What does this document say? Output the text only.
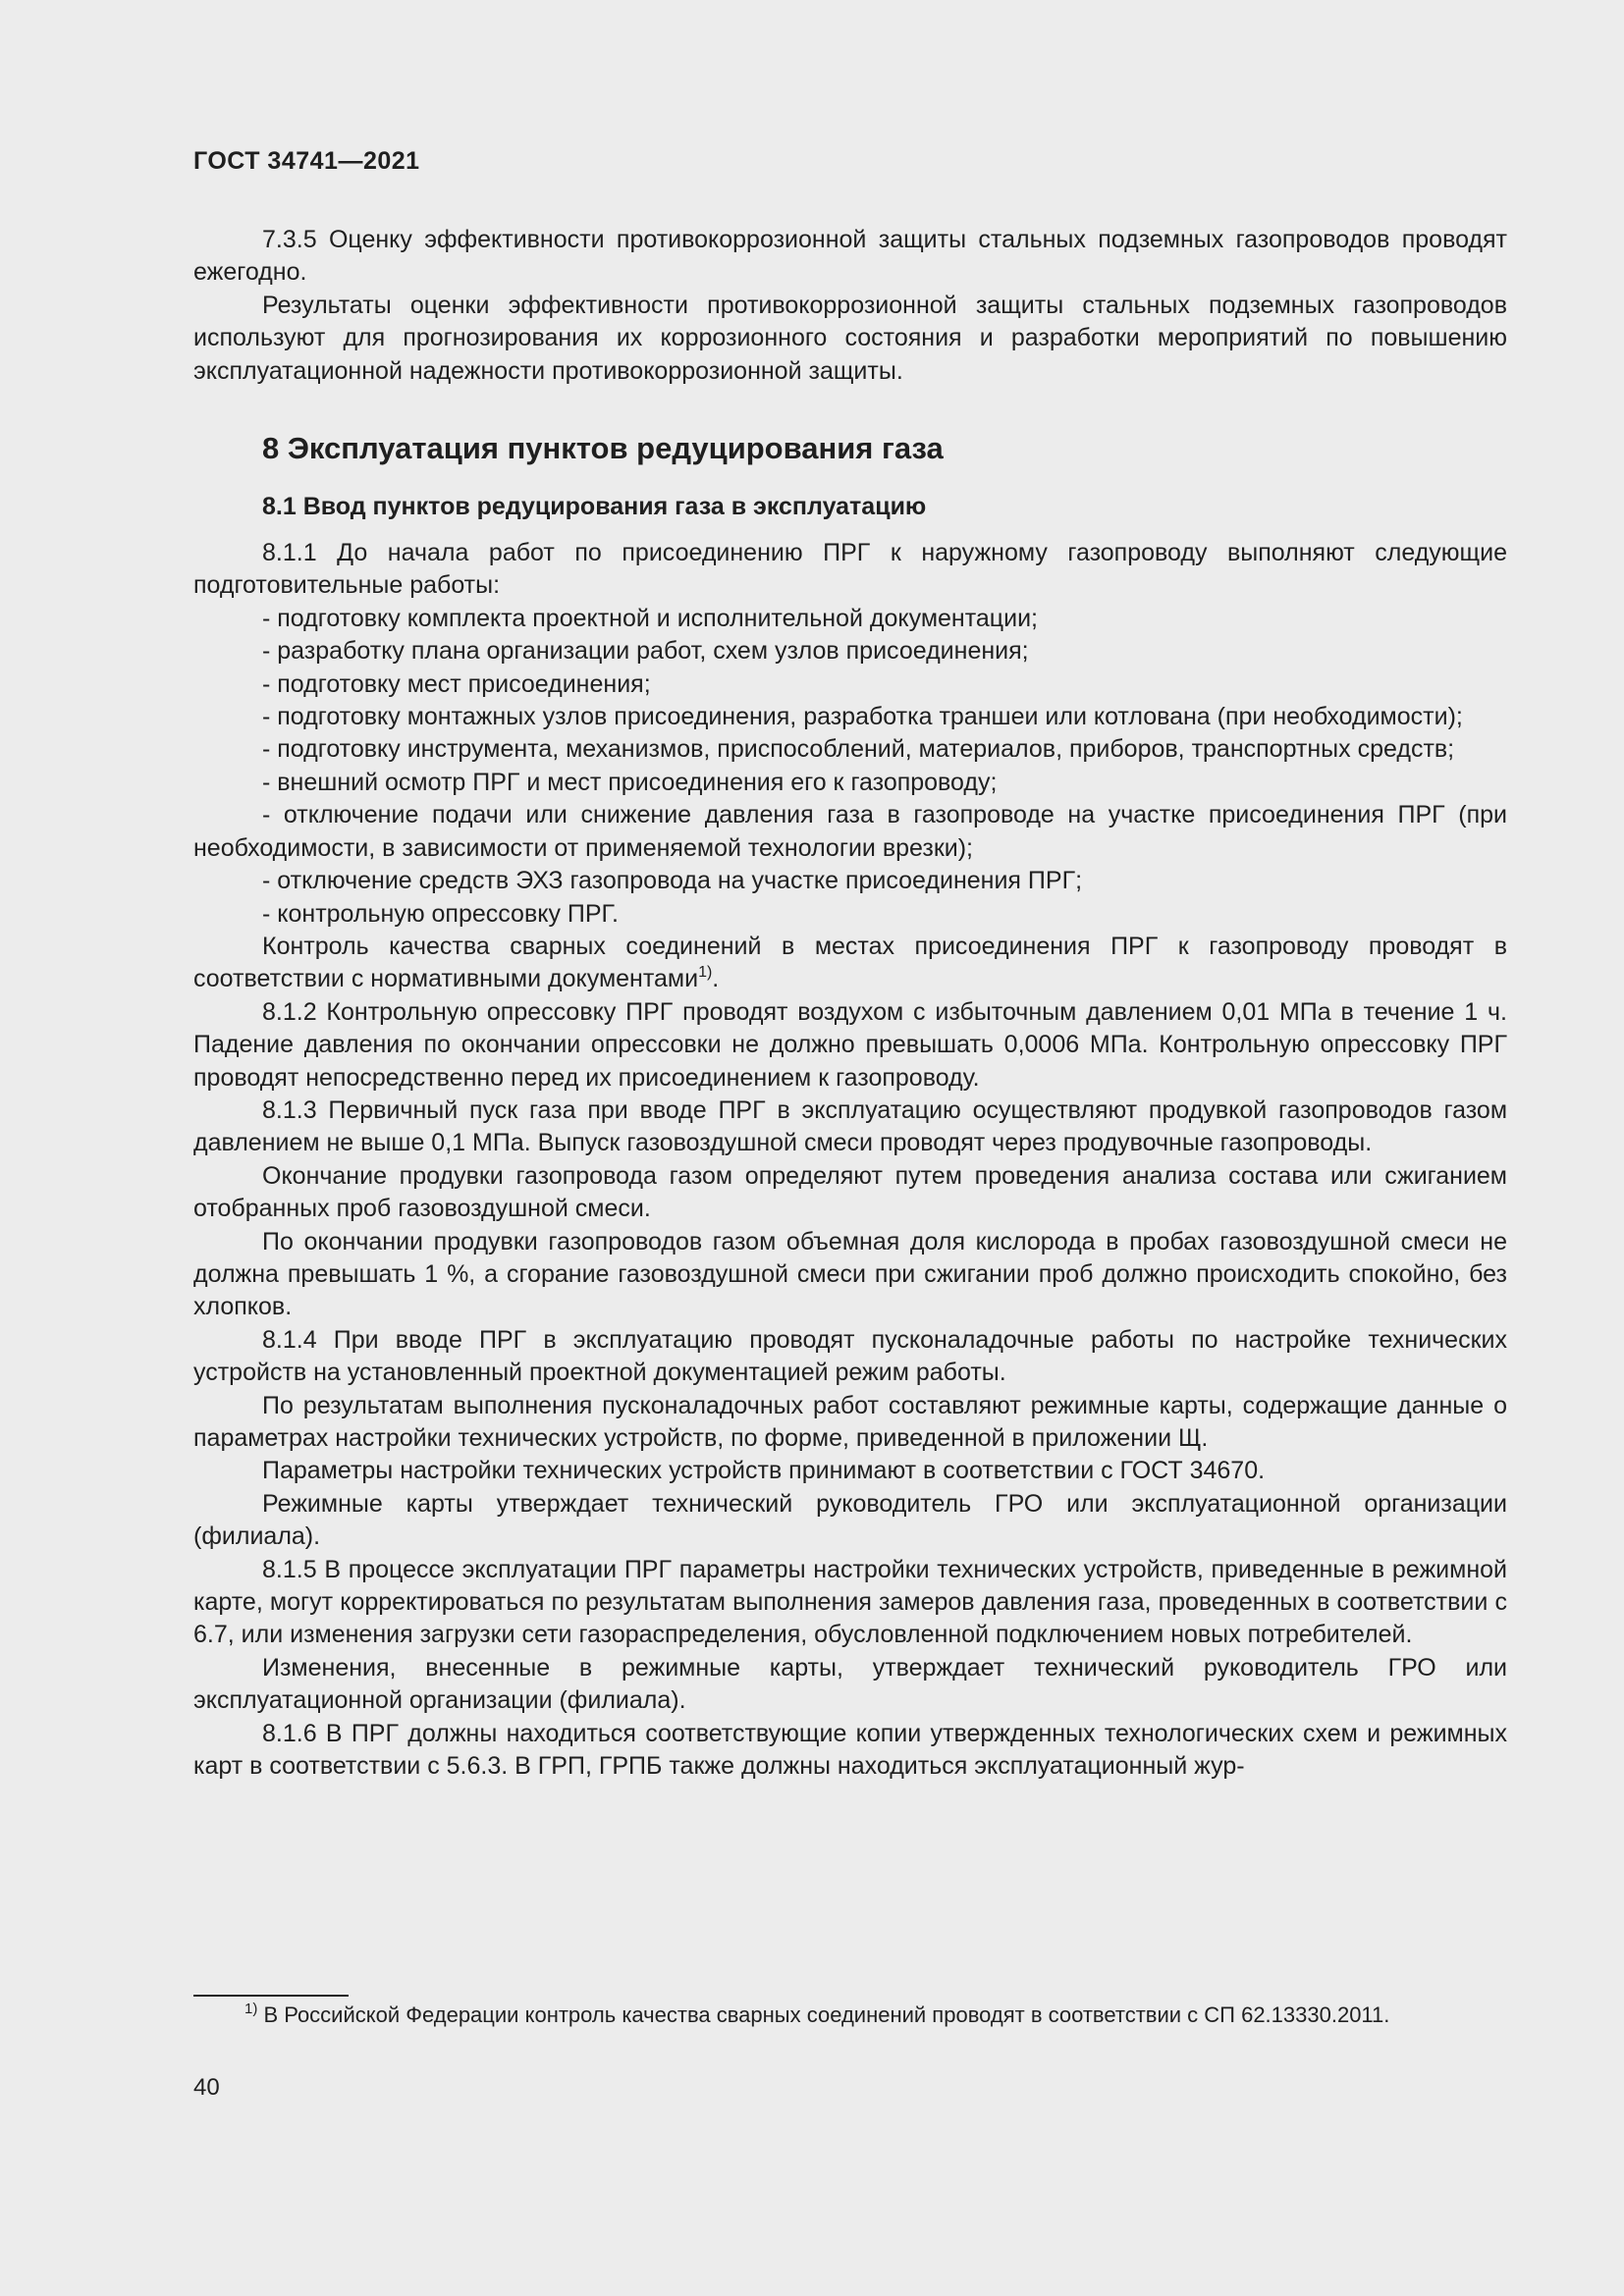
ГОСТ 34741—2021

7.3.5 Оценку эффективности противокоррозионной защиты стальных подземных газопроводов проводят ежегодно.

Результаты оценки эффективности противокоррозионной защиты стальных подземных газопроводов используют для прогнозирования их коррозионного состояния и разработки мероприятий по повышению эксплуатационной надежности противокоррозионной защиты.

8 Эксплуатация пунктов редуцирования газа

8.1 Ввод пунктов редуцирования газа в эксплуатацию

8.1.1 До начала работ по присоединению ПРГ к наружному газопроводу выполняют следующие подготовительные работы:

- подготовку комплекта проектной и исполнительной документации;

- разработку плана организации работ, схем узлов присоединения;

- подготовку мест присоединения;

- подготовку монтажных узлов присоединения, разработка траншеи или котлована (при необходимости);

- подготовку инструмента, механизмов, приспособлений, материалов, приборов, транспортных средств;

- внешний осмотр ПРГ и мест присоединения его к газопроводу;

- отключение подачи или снижение давления газа в газопроводе на участке присоединения ПРГ (при необходимости, в зависимости от применяемой технологии врезки);

- отключение средств ЭХЗ газопровода на участке присоединения ПРГ;

- контрольную опрессовку ПРГ.

Контроль качества сварных соединений в местах присоединения ПРГ к газопроводу проводят в соответствии с нормативными документами$^{1)}$.

8.1.2 Контрольную опрессовку ПРГ проводят воздухом с избыточным давлением 0,01 МПа в течение 1 ч. Падение давления по окончании опрессовки не должно превышать 0,0006 МПа. Контрольную опрессовку ПРГ проводят непосредственно перед их присоединением к газопроводу.

8.1.3 Первичный пуск газа при вводе ПРГ в эксплуатацию осуществляют продувкой газопроводов газом давлением не выше 0,1 МПа. Выпуск газовоздушной смеси проводят через продувочные газопроводы.

Окончание продувки газопровода газом определяют путем проведения анализа состава или сжиганием отобранных проб газовоздушной смеси.

По окончании продувки газопроводов газом объемная доля кислорода в пробах газовоздушной смеси не должна превышать 1 %, а сгорание газовоздушной смеси при сжигании проб должно происходить спокойно, без хлопков.

8.1.4 При вводе ПРГ в эксплуатацию проводят пусконаладочные работы по настройке технических устройств на установленный проектной документацией режим работы.

По результатам выполнения пусконаладочных работ составляют режимные карты, содержащие данные о параметрах настройки технических устройств, по форме, приведенной в приложении Щ.

Параметры настройки технических устройств принимают в соответствии с ГОСТ 34670.

Режимные карты утверждает технический руководитель ГРО или эксплуатационной организации (филиала).

8.1.5 В процессе эксплуатации ПРГ параметры настройки технических устройств, приведенные в режимной карте, могут корректироваться по результатам выполнения замеров давления газа, проведенных в соответствии с 6.7, или изменения загрузки сети газораспределения, обусловленной подключением новых потребителей.

Изменения, внесенные в режимные карты, утверждает технический руководитель ГРО или эксплуатационной организации (филиала).

8.1.6 В ПРГ должны находиться соответствующие копии утвержденных технологических схем и режимных карт в соответствии с 5.6.3. В ГРП, ГРПБ также должны находиться эксплуатационный жур-

$^{1)}$ В Российской Федерации контроль качества сварных соединений проводят в соответствии с СП 62.13330.2011.

40
